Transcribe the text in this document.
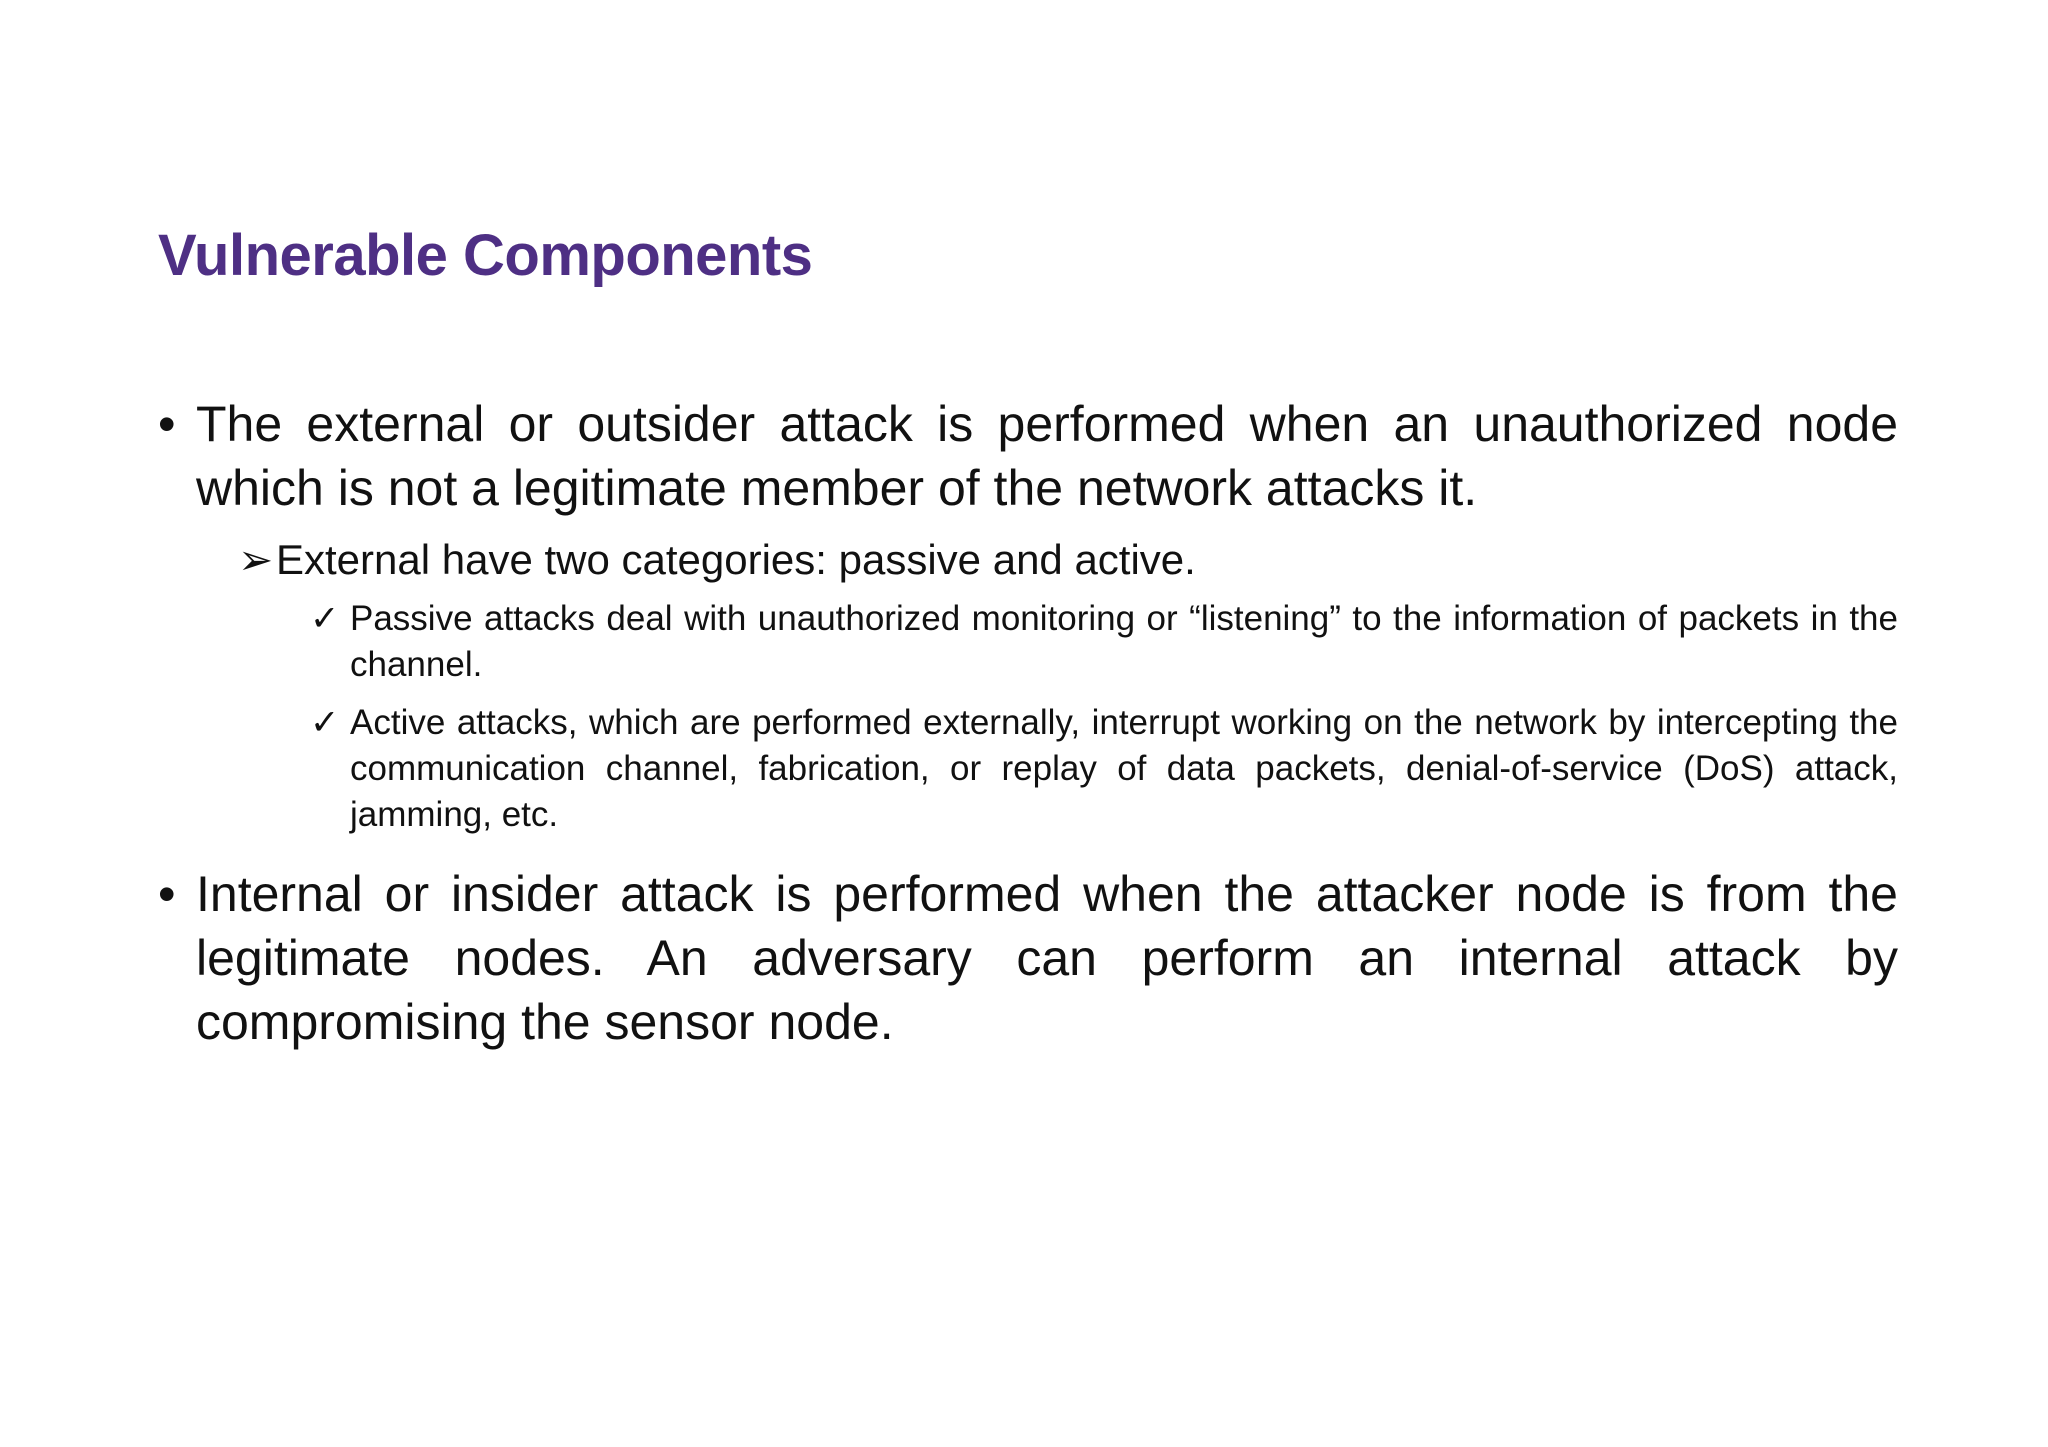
Vulnerable Components
• The external or outsider attack is performed when an unauthorized node which is not a legitimate member of the network attacks it.
➢External have two categories: passive and active.
✓ Passive attacks deal with unauthorized monitoring or “listening” to the information of packets in the channel.
✓ Active attacks, which are performed externally, interrupt working on the network by intercepting the communication channel, fabrication, or replay of data packets, denial-of-service (DoS) attack, jamming, etc.
• Internal or insider attack is performed when the attacker node is from the legitimate nodes. An adversary can perform an internal attack by compromising the sensor node.
